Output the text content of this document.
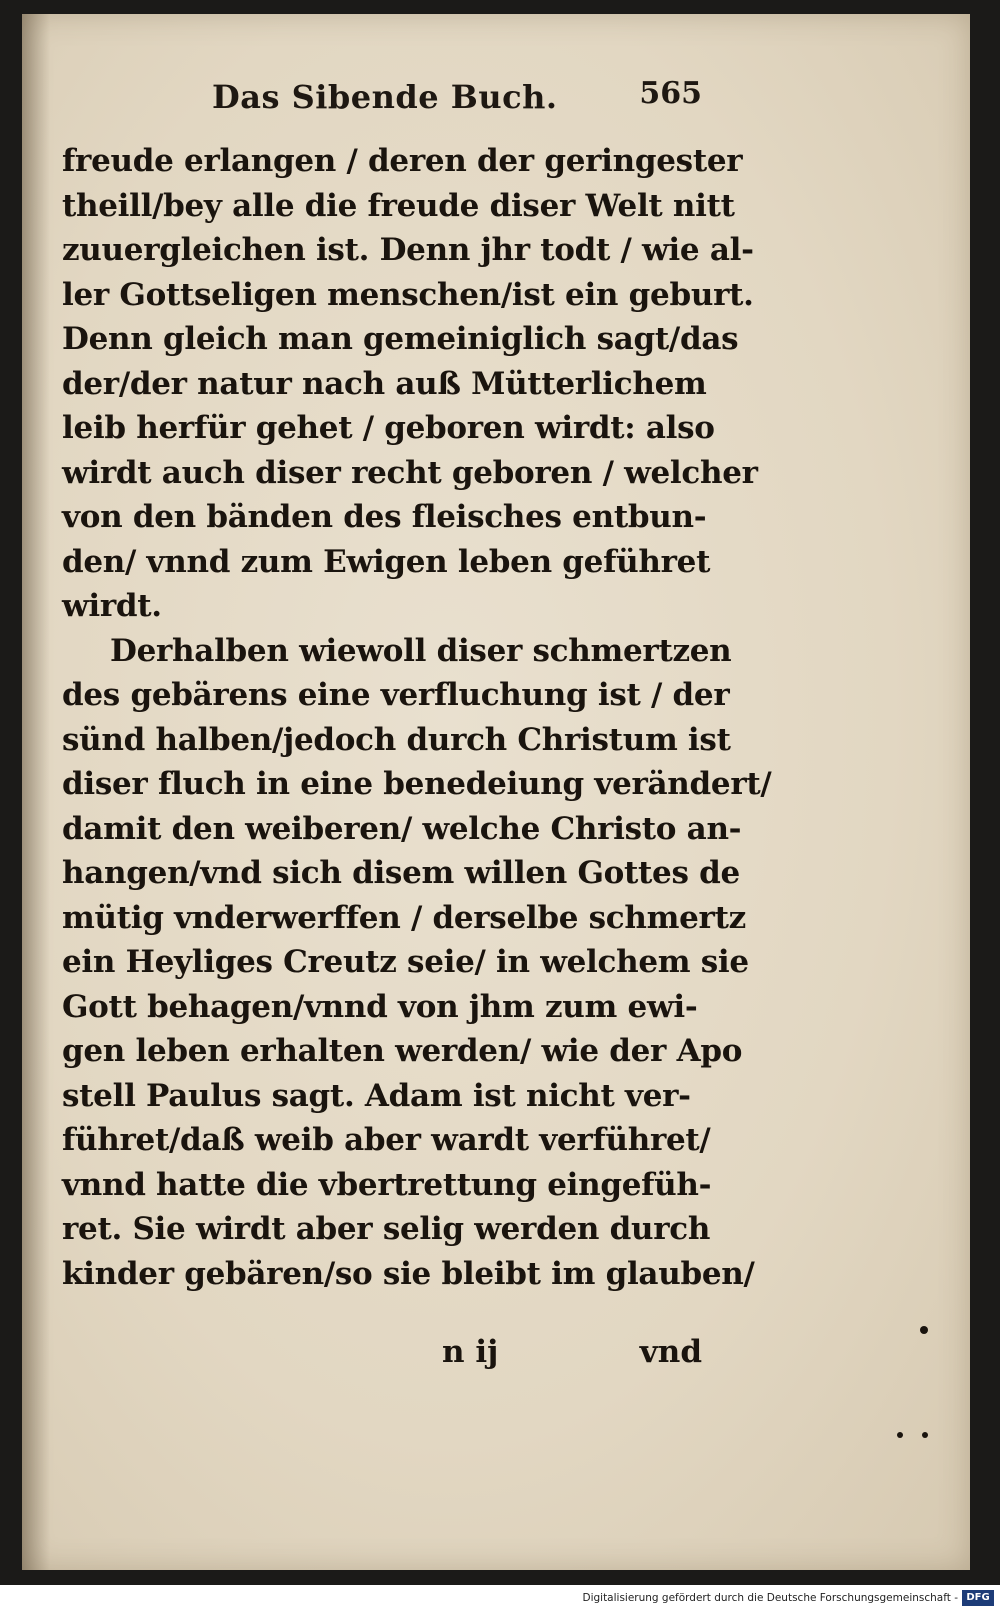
Das Sibende Buch.	565
freude erlangen / deren der geringester
theill/bey alle die freude diser Welt nitt
zuuergleichen ist. Denn jhr todt / wie al-
ler Gottseligen menschen/ist ein geburt.
Denn gleich man gemeiniglich sagt/das
der/der natur nach auß Mütterlichem
leib herfür gehet / geboren wirdt: also
wirdt auch diser recht geboren / welcher
von den bänden des fleisches entbun-
den/ vnnd zum Ewigen leben geführet
wirdt.
Derhalben wiewoll diser schmertzen
des gebärens eine verfluchung ist / der
sünd halben/jedoch durch Christum ist
diser fluch in eine benedeiung verändert/
damit den weiberen/ welche Christo an-
hangen/vnd sich disem willen Gottes de
mütig vnderwerffen / derselbe schmertz
ein Heyliges Creutz seie/ in welchem sie
Gott behagen/vnnd von jhm zum ewi-
gen leben erhalten werden/ wie der Apo
stell Paulus sagt. Adam ist nicht ver-
führet/daß weib aber wardt verführet/
vnnd hatte die vbertrettung eingefüh-
ret. Sie wirdt aber selig werden durch
kinder gebären/so sie bleibt im glauben/
n ij	vnd
Digitalisierung gefördert durch die Deutsche Forschungsgemeinschaft - DFG
